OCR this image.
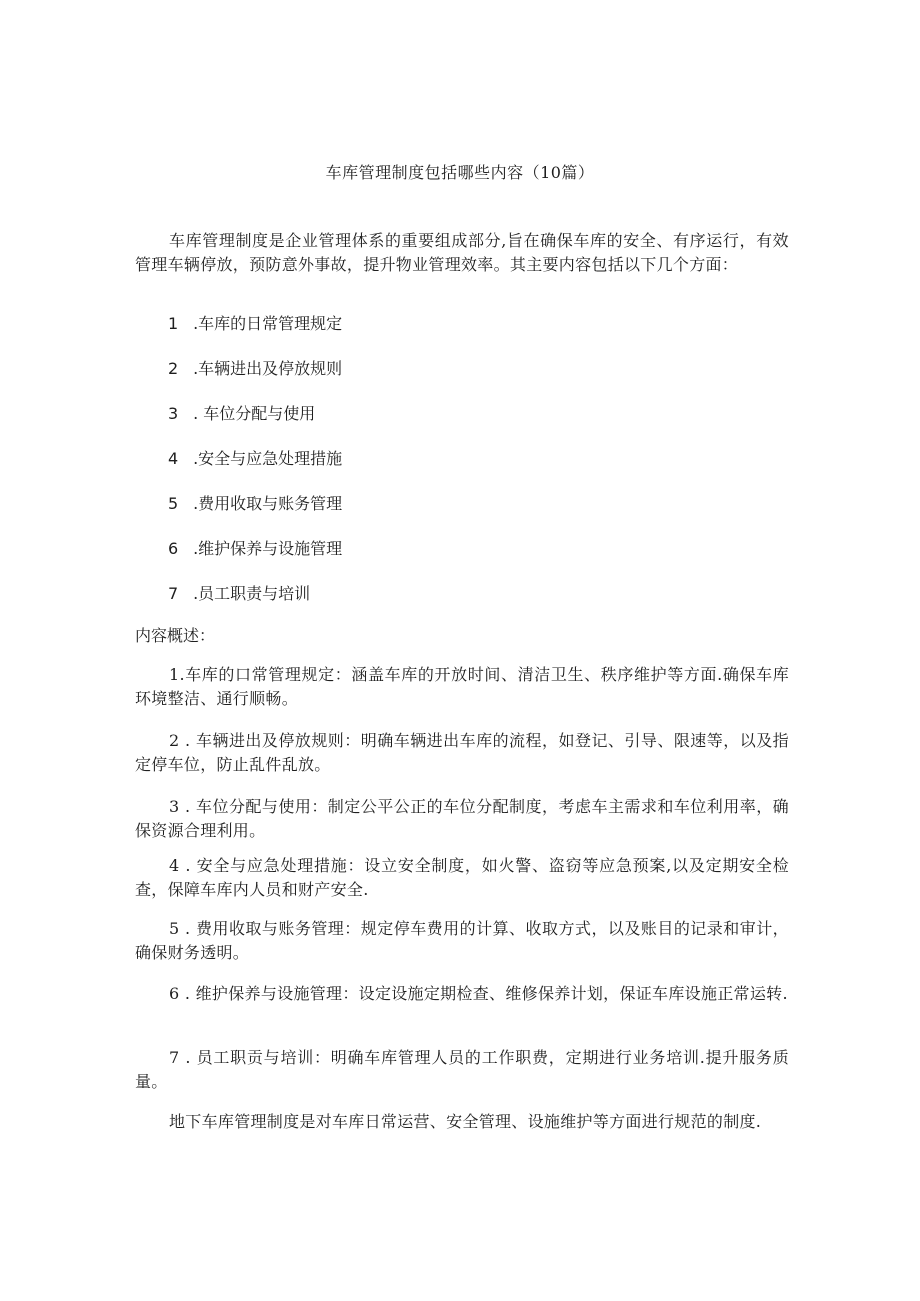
车库管理制度包括哪些内容（10篇）

车库管理制度是企业管理体系的重要组成部分,旨在确保车库的安全、有序运行，有效管理车辆停放，预防意外事故，提升物业管理效率。其主要内容包括以下几个方面：

1 .车库的日常管理规定
2 .车辆进出及停放规则
3 . 车位分配与使用
4 .安全与应急处理措施
5 .费用收取与账务管理
6 .维护保养与设施管理
7 .员工职责与培训
内容概述：

1.车库的口常管理规定：涵盖车库的开放时间、清洁卫生、秩序维护等方面.确保车库环境整洁、通行顺畅。

2 . 车辆进出及停放规则：明确车辆进出车库的流程，如登记、引导、限速等，以及指定停车位，防止乱件乱放。

3 . 车位分配与使用：制定公平公正的车位分配制度，考虑车主需求和车位利用率，确保资源合理利用。

4 . 安全与应急处理措施：设立安全制度，如火警、盗窃等应急预案,以及定期安全检查，保障车库内人员和财产安全.

5 . 费用收取与账务管理：规定停车费用的计算、收取方式，以及账目的记录和审计，确保财务透明。

6 . 维护保养与设施管理：设定设施定期检查、维修保养计划，保证车库设施正常运转.

7 . 员工职贡与培训：明确车库管理人员的工作职费，定期进行业务培训.提升服务质量。

地下车库管理制度是对车库日常运营、安全管理、设施维护等方面进行规范的制度.
